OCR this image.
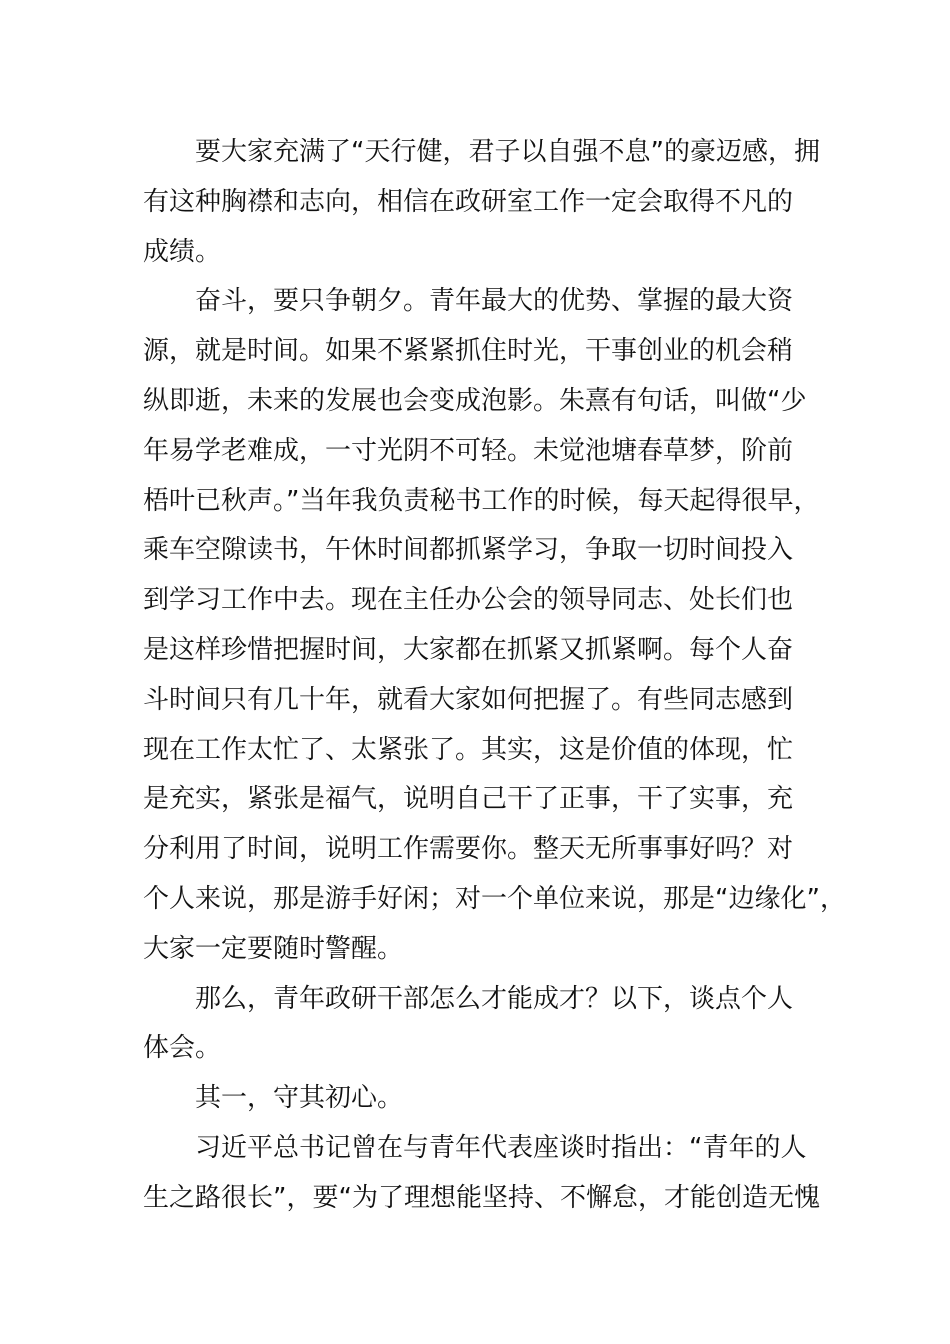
要大家充满了“天行健，君子以自强不息”的豪迈感，拥
有这种胸襟和志向，相信在政研室工作一定会取得不凡的
成绩。
奋斗，要只争朝夕。青年最大的优势、掌握的最大资
源，就是时间。如果不紧紧抓住时光，干事创业的机会稍
纵即逝，未来的发展也会变成泡影。朱熹有句话，叫做“少
年易学老难成，一寸光阴不可轻。未觉池塘春草梦，阶前
梧叶已秋声。”当年我负责秘书工作的时候，每天起得很早，
乘车空隙读书，午休时间都抓紧学习，争取一切时间投入
到学习工作中去。现在主任办公会的领导同志、处长们也
是这样珍惜把握时间，大家都在抓紧又抓紧啊。每个人奋
斗时间只有几十年，就看大家如何把握了。有些同志感到
现在工作太忙了、太紧张了。其实，这是价值的体现，忙
是充实，紧张是福气，说明自己干了正事，干了实事，充
分利用了时间，说明工作需要你。整天无所事事好吗？对
个人来说，那是游手好闲；对一个单位来说，那是“边缘化”，
大家一定要随时警醒。
那么，青年政研干部怎么才能成才？以下，谈点个人
体会。
其一，守其初心。
习近平总书记曾在与青年代表座谈时指出：“青年的人
生之路很长”，要“为了理想能坚持、不懈怠，才能创造无愧
